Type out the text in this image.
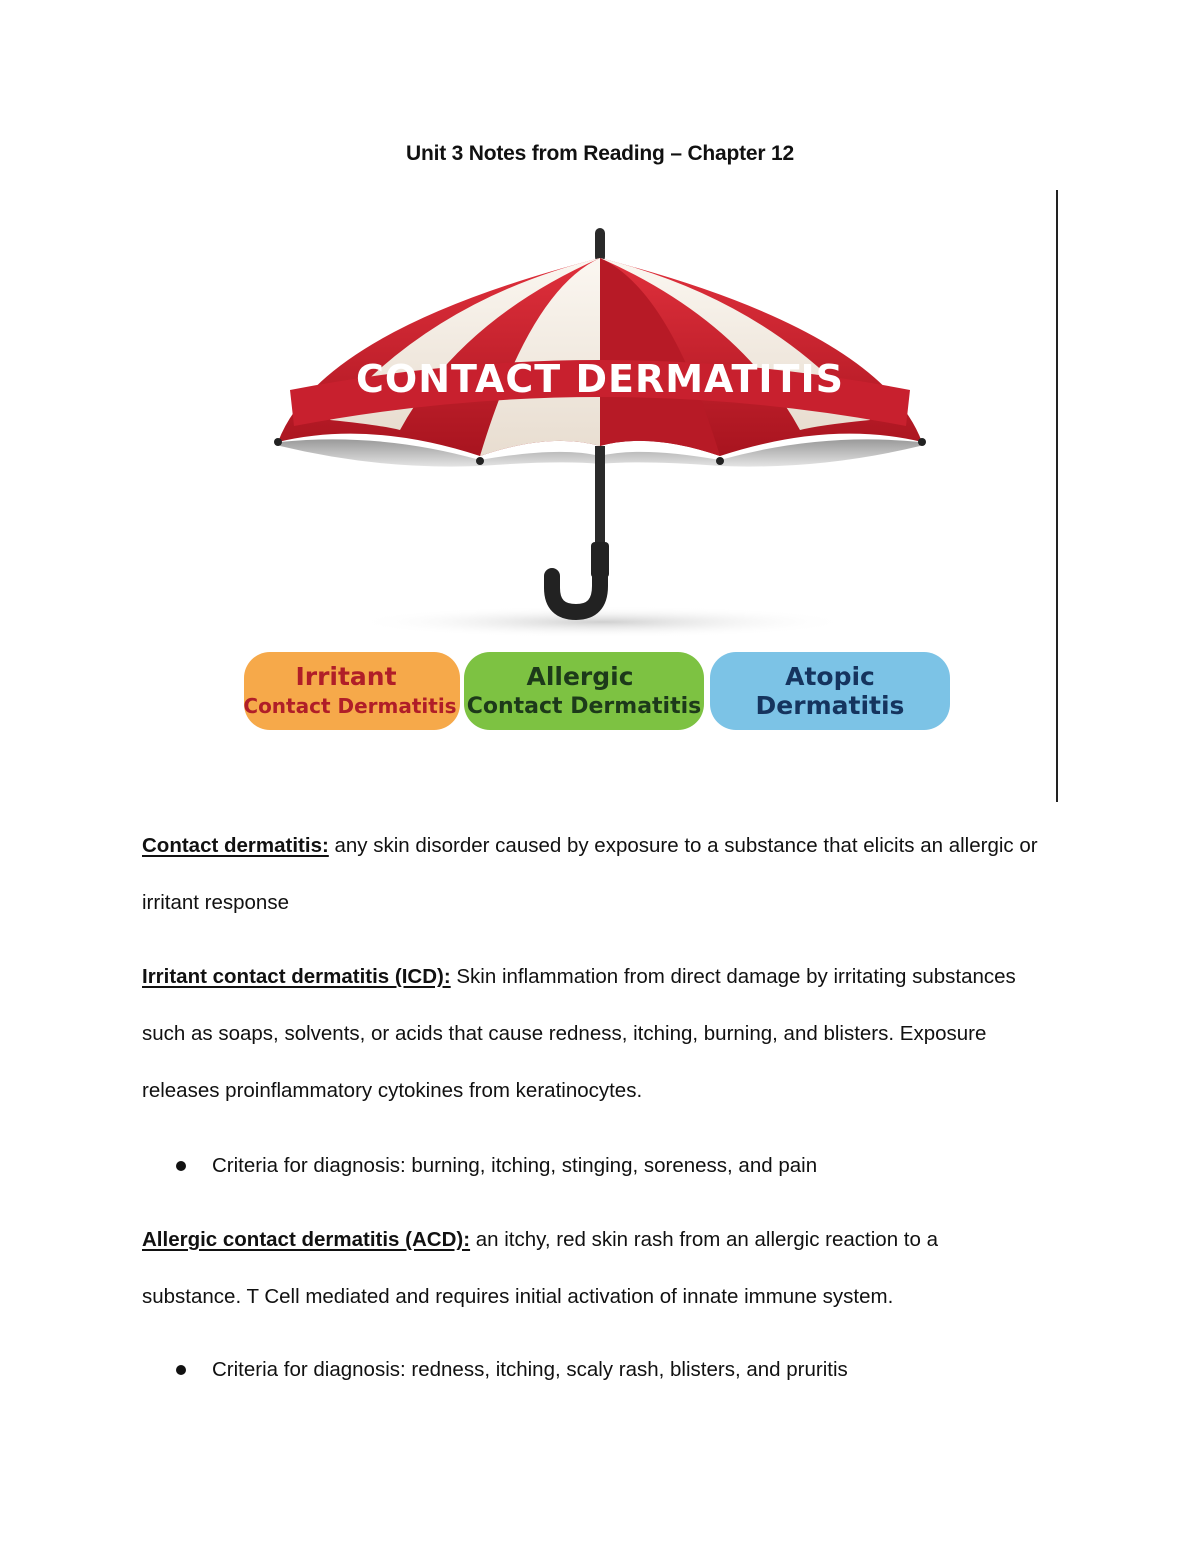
Unit 3 Notes from Reading – Chapter 12
CONTACT DERMATITIS
Irritant
Contact Dermatitis
Allergic
Contact Dermatitis
Atopic
Dermatitis

Contact dermatitis: any skin disorder caused by exposure to a substance that elicits an allergic or irritant response

Irritant contact dermatitis (ICD): Skin inflammation from direct damage by irritating substances such as soaps, solvents, or acids that cause redness, itching, burning, and blisters. Exposure releases proinflammatory cytokines from keratinocytes.

Criteria for diagnosis: burning, itching, stinging, soreness, and pain

Allergic contact dermatitis (ACD): an itchy, red skin rash from an allergic reaction to a substance. T Cell mediated and requires initial activation of innate immune system.

Criteria for diagnosis: redness, itching, scaly rash, blisters, and pruritis
